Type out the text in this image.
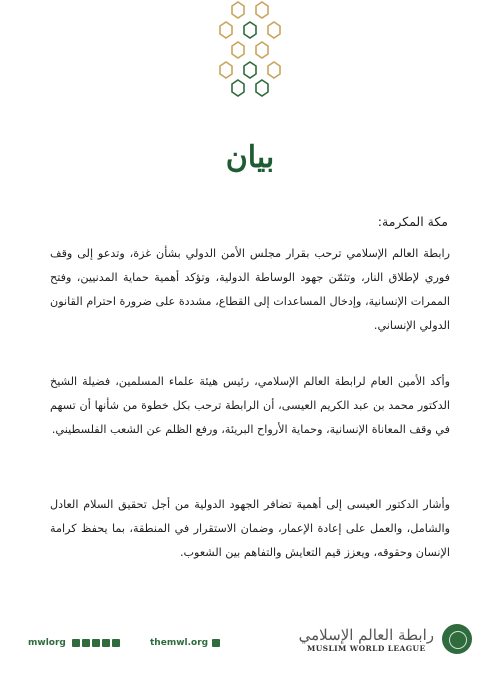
بيان
مكة المكرمة:
رابطة العالم الإسلامي ترحب بقرار مجلس الأمن الدولي بشأن غزة، وتدعو إلى وقف فوري لإطلاق النار، وتثمّن جهود الوساطة الدولية، وتؤكد أهمية حماية المدنيين، وفتح الممرات الإنسانية، وإدخال المساعدات إلى القطاع، مشددة على ضرورة احترام القانون الدولي الإنساني.
وأكد الأمين العام لرابطة العالم الإسلامي، رئيس هيئة علماء المسلمين، فضيلة الشيخ الدكتور محمد بن عبد الكريم العيسى، أن الرابطة ترحب بكل خطوة من شأنها أن تسهم في وقف المعاناة الإنسانية، وحماية الأرواح البريئة، ورفع الظلم عن الشعب الفلسطيني.
وأشار الدكتور العيسى إلى أهمية تضافر الجهود الدولية من أجل تحقيق السلام العادل والشامل، والعمل على إعادة الإعمار، وضمان الاستقرار في المنطقة، بما يحفظ كرامة الإنسان وحقوقه، ويعزز قيم التعايش والتفاهم بين الشعوب.
mwlorg	themwl.org	رابطة العالم الإسلامي
MUSLIM WORLD LEAGUE
